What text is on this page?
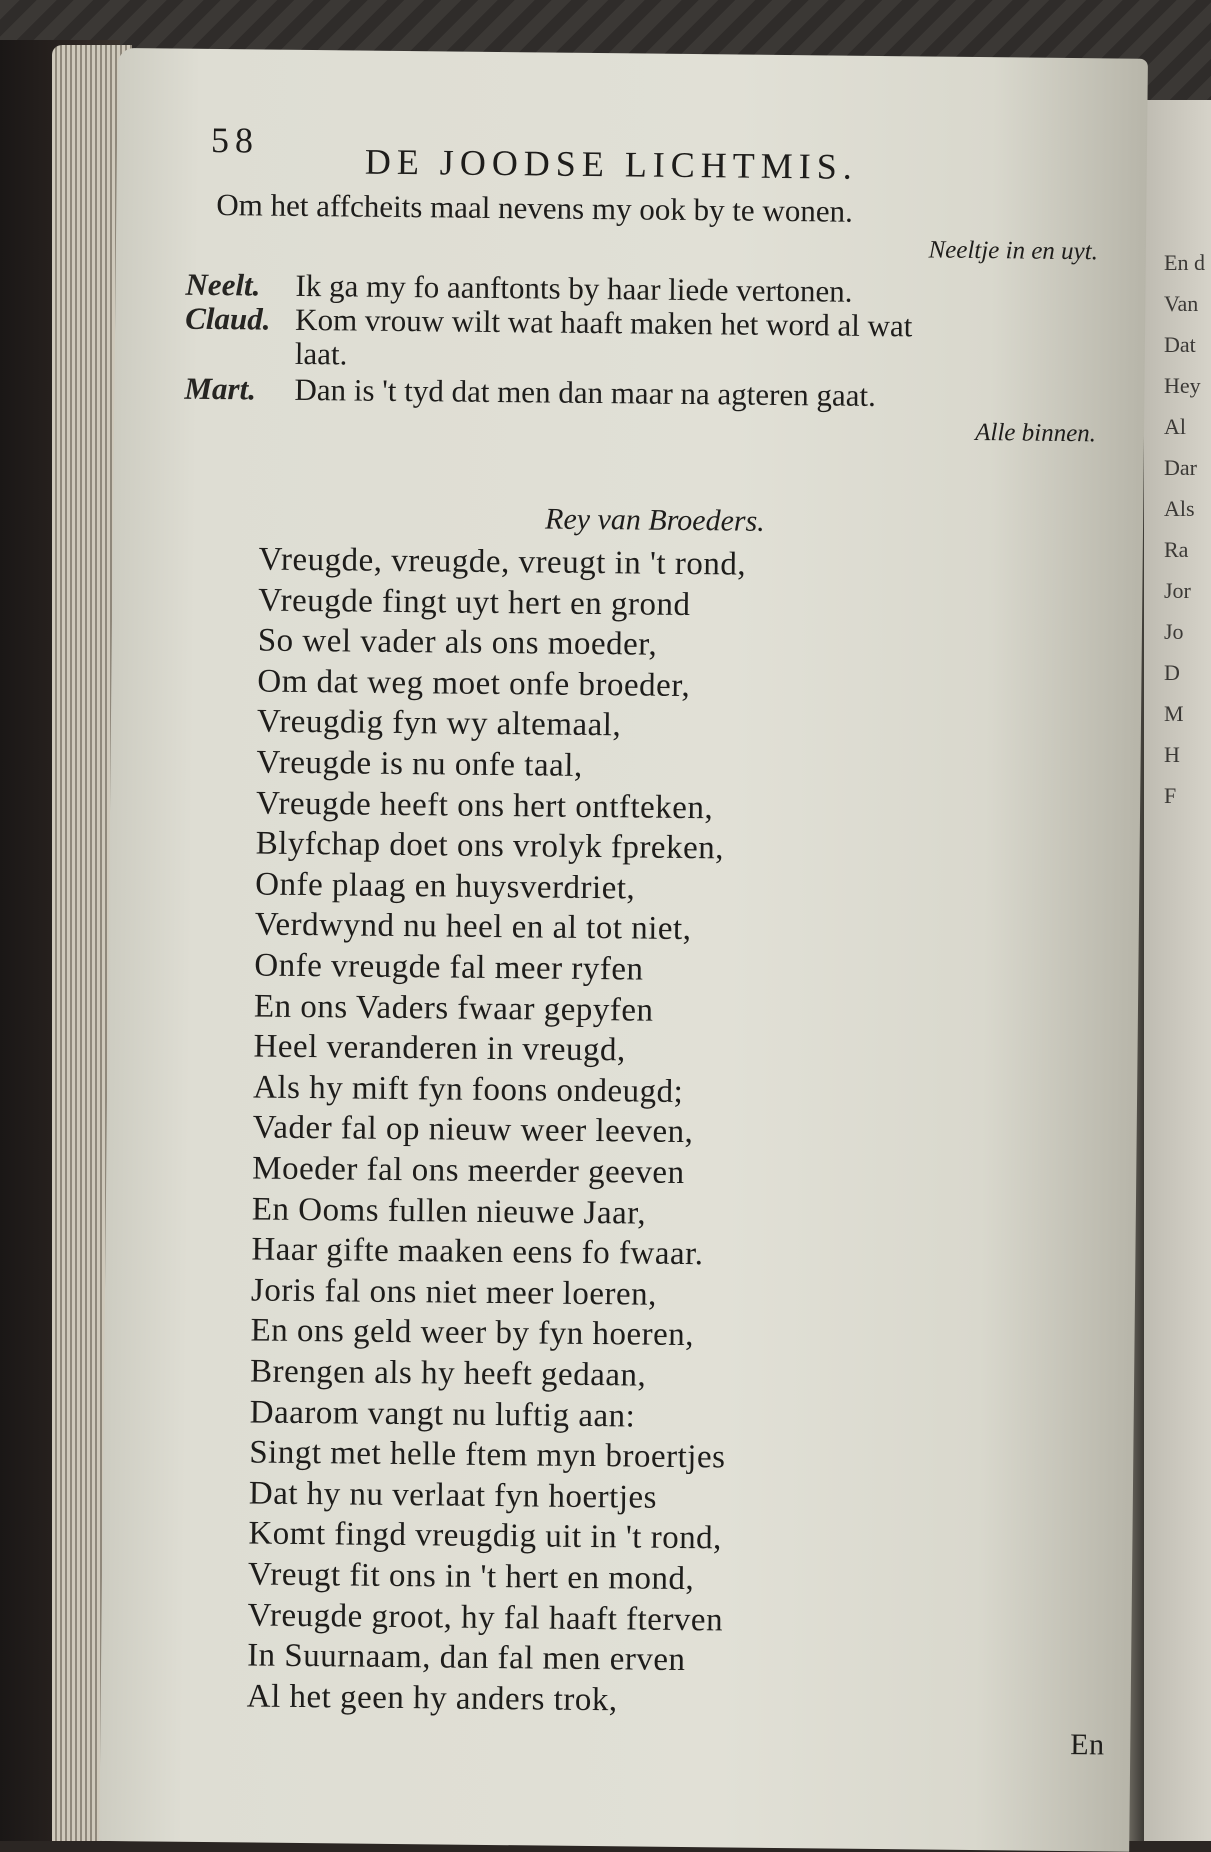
En d
Van
Dat
Hey
Al
Dar
Als
Ra
Jor
Jo
D
M
H
F
58
DE JOODSE LICHTMIS.
Om het affcheits maal nevens my ook by te wonen.
Neeltje in en uyt.
Neelt. Ik ga my fo aanftonts by haar liede vertonen.
Claud. Kom vrouw wilt wat haaft maken het word al wat
laat.
Mart. Dan is 't tyd dat men dan maar na agteren gaat.
Alle binnen.
Rey van Broeders.
Vreugde, vreugde, vreugt in 't rond,
Vreugde fingt uyt hert en grond
So wel vader als ons moeder,
Om dat weg moet onfe broeder,
Vreugdig fyn wy altemaal,
Vreugde is nu onfe taal,
Vreugde heeft ons hert ontfteken,
Blyfchap doet ons vrolyk fpreken,
Onfe plaag en huysverdriet,
Verdwynd nu heel en al tot niet,
Onfe vreugde fal meer ryfen
En ons Vaders fwaar gepyfen
Heel veranderen in vreugd,
Als hy mift fyn foons ondeugd;
Vader fal op nieuw weer leeven,
Moeder fal ons meerder geeven
En Ooms fullen nieuwe Jaar,
Haar gifte maaken eens fo fwaar.
Joris fal ons niet meer loeren,
En ons geld weer by fyn hoeren,
Brengen als hy heeft gedaan,
Daarom vangt nu luftig aan:
Singt met helle ftem myn broertjes
Dat hy nu verlaat fyn hoertjes
Komt fingd vreugdig uit in 't rond,
Vreugt fit ons in 't hert en mond,
Vreugde groot, hy fal haaft fterven
In Suurnaam, dan fal men erven
Al het geen hy anders trok,
En
